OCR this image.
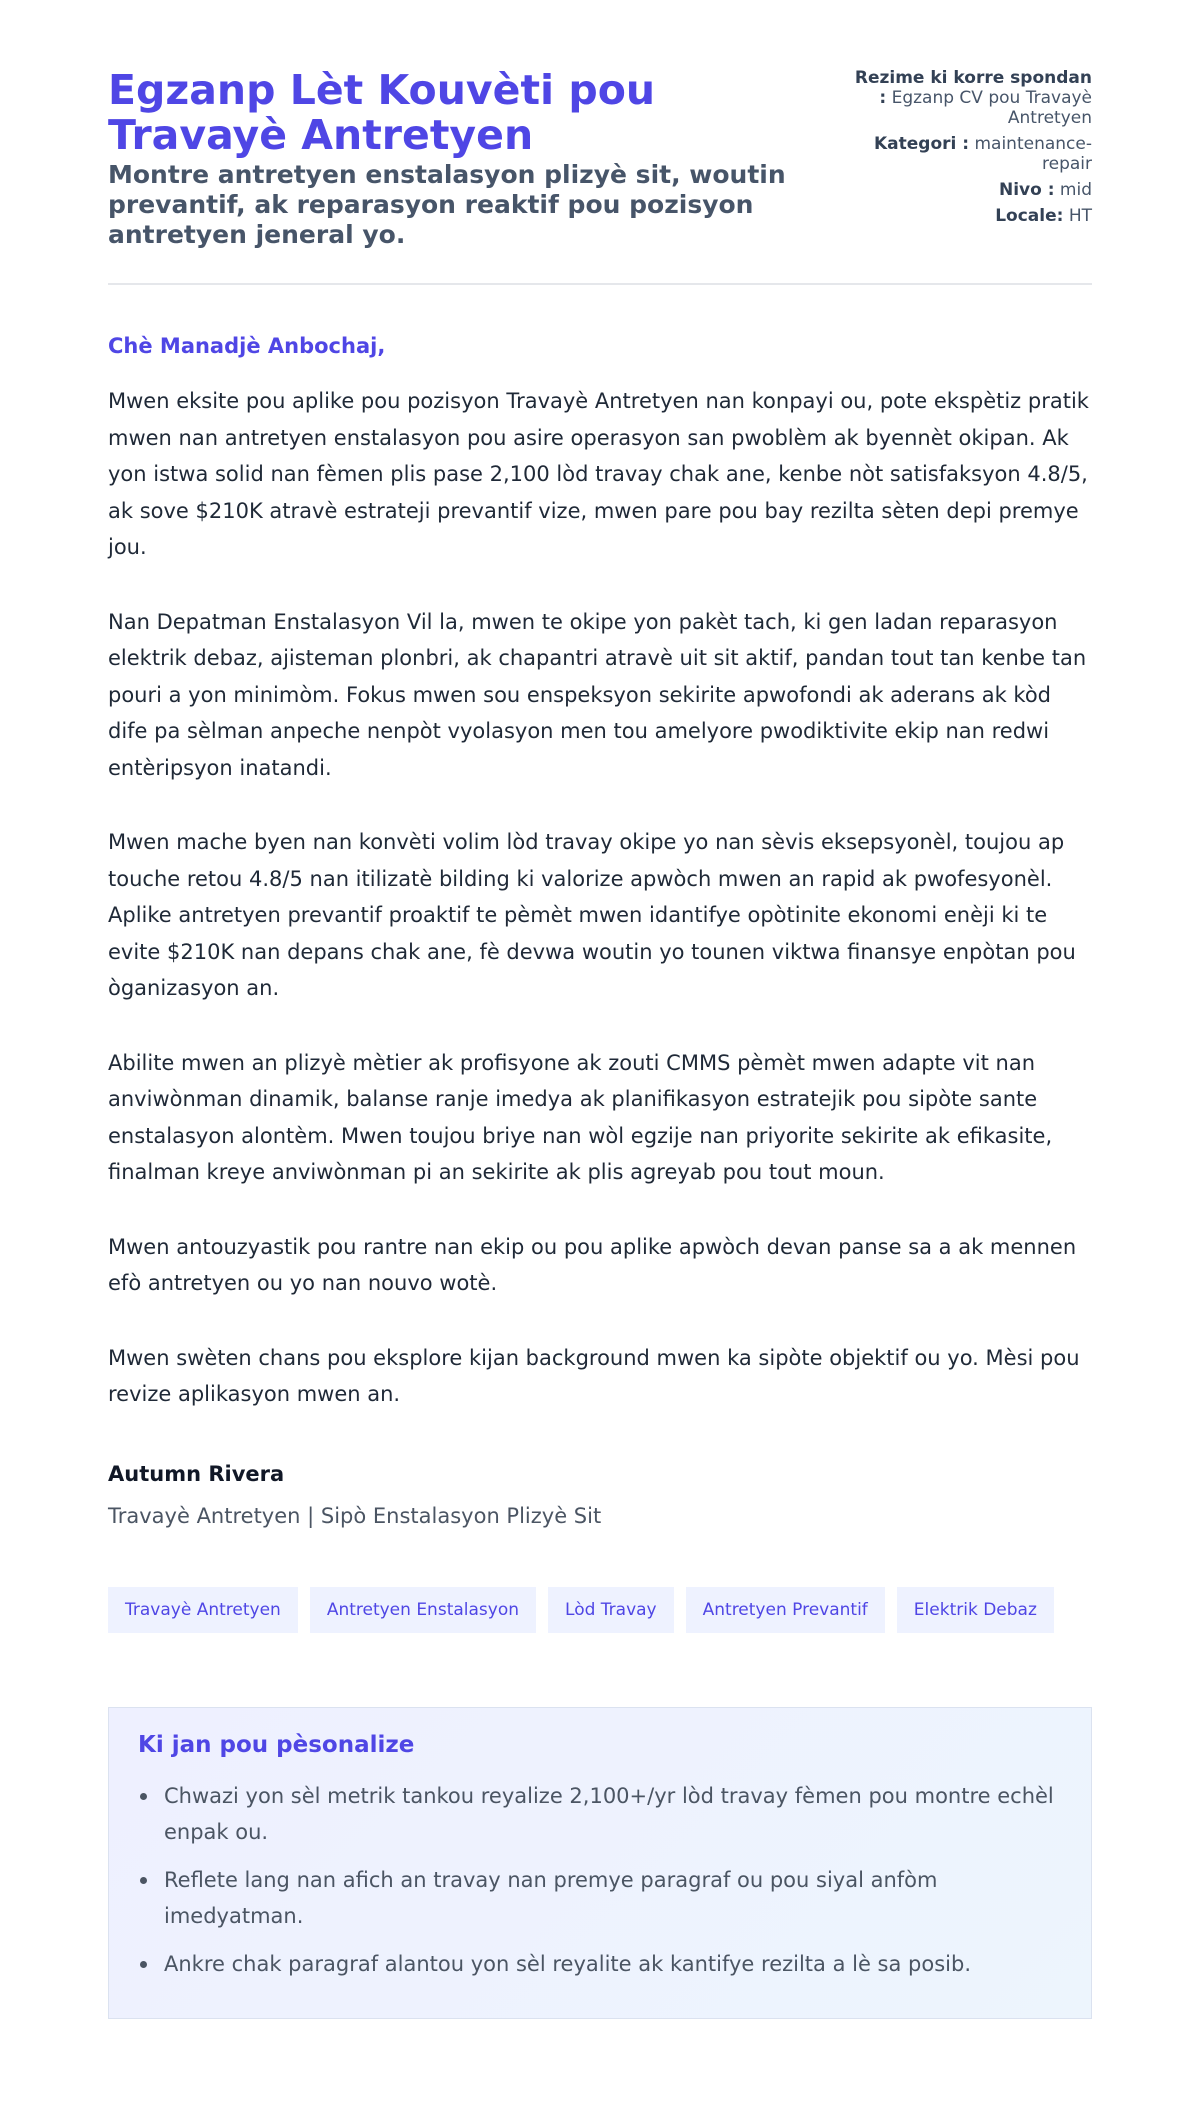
Egzanp Lèt Kouvèti pou Travayè Antretyen

Montre antretyen enstalasyon plizyè sit, woutin prevantif, ak reparasyon reaktif pou pozisyon antretyen jeneral yo.

Rezime ki korre spondan : Egzanp CV pou Travayè Antretyen
Kategori : maintenance-repair
Nivo : mid
Locale: HT

Chè Manadjè Anbochaj,

Mwen eksite pou aplike pou pozisyon Travayè Antretyen nan konpayi ou, pote ekspètiz pratik mwen nan antretyen enstalasyon pou asire operasyon san pwoblèm ak byennèt okipan. Ak yon istwa solid nan fèmen plis pase 2,100 lòd travay chak ane, kenbe nòt satisfaksyon 4.8/5, ak sove $210K atravè estrateji prevantif vize, mwen pare pou bay rezilta sèten depi premye jou.

Nan Depatman Enstalasyon Vil la, mwen te okipe yon pakèt tach, ki gen ladan reparasyon elektrik debaz, ajisteman plonbri, ak chapantri atravè uit sit aktif, pandan tout tan kenbe tan pouri a yon minimòm. Fokus mwen sou enspeksyon sekirite apwofondi ak aderans ak kòd dife pa sèlman anpeche nenpòt vyolasyon men tou amelyore pwodiktivite ekip nan redwi entèripsyon inatandi.

Mwen mache byen nan konvèti volim lòd travay okipe yo nan sèvis eksepsyonèl, toujou ap touche retou 4.8/5 nan itilizatè bilding ki valorize apwòch mwen an rapid ak pwofesyonèl. Aplike antretyen prevantif proaktif te pèmèt mwen idantifye opòtinite ekonomi enèji ki te evite $210K nan depans chak ane, fè devwa woutin yo tounen viktwa finansye enpòtan pou òganizasyon an.

Abilite mwen an plizyè mètier ak profisyone ak zouti CMMS pèmèt mwen adapte vit nan anviwònman dinamik, balanse ranje imedya ak planifikasyon estratejik pou sipòte sante enstalasyon alontèm. Mwen toujou briye nan wòl egzije nan priyorite sekirite ak efikasite, finalman kreye anviwònman pi an sekirite ak plis agreyab pou tout moun.

Mwen antouzyastik pou rantre nan ekip ou pou aplike apwòch devan panse sa a ak mennen efò antretyen ou yo nan nouvo wotè.

Mwen swèten chans pou eksplore kijan background mwen ka sipòte objektif ou yo. Mèsi pou revize aplikasyon mwen an.

Autumn Rivera

Travayè Antretyen | Sipò Enstalasyon Plizyè Sit

Travayè Antretyen	Antretyen Enstalasyon	Lòd Travay	Antretyen Prevantif	Elektrik Debaz
Ki jan pou pèsonalize
Chwazi yon sèl metrik tankou reyalize 2,100+/yr lòd travay fèmen pou montre echèl enpak ou.
Reflete lang nan afich an travay nan premye paragraf ou pou siyal anfòm imedyatman.
Ankre chak paragraf alantou yon sèl reyalite ak kantifye rezilta a lè sa posib.
